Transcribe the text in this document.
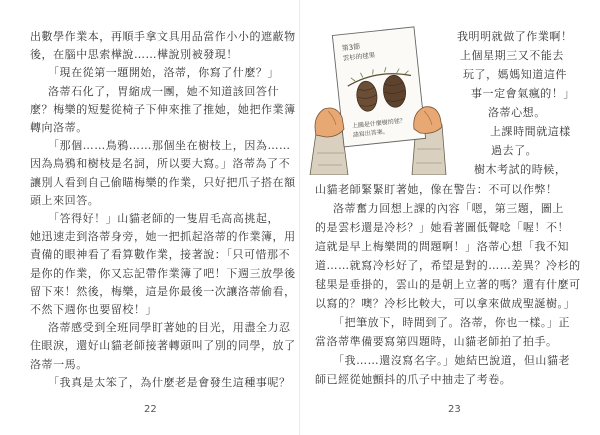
出數學作業本，再順手拿文具用品當作小小的遮蔽物
後，在腦中思索樺說……樺說別被發現！
「現在從第一題開始，洛蒂，你寫了什麼？」
洛蒂石化了，胃縮成一團，她不知道該回答什
麼？梅樂的短髮從椅子下伸來推了推她，她把作業簿
轉向洛蒂。
「那個……鳥鴉……那個坐在樹枝上，因為……
因為鳥鴉和樹枝是名詞，所以要大寫。」洛蒂為了不
讓別人看到自己偷瞄梅樂的作業，只好把爪子搭在額
頭上來回答。
「答得好！」山貓老師的一隻眉毛高高挑起，
她迅速走到洛蒂身旁，她一把抓起洛蒂的作業簿，用
責備的眼神看了看算數作業，接著說：「只可惜那不
是你的作業，你又忘記帶作業簿了吧！下週三放學後
留下來！然後，梅樂，這是你最後一次讓洛蒂偷看，
不然下週你也要留校！」
洛蒂感受到全班同學盯著她的目光，用盡全力忍
住眼淚，還好山貓老師接著轉頭叫了別的同學，放了
洛蒂一馬。
「我真是太笨了，為什麼老是會發生這種事呢？
22
我明明就做了作業啊！
上個星期三又不能去
玩了，媽媽知道這件
事一定會氣瘋的！」
洛蒂心想。
上課時間就這樣
過去了。
樹木考試的時候，
山貓老師緊緊盯著她，像在警告：不可以作弊！
洛蒂奮力回想上課的內容「嗯，第三題，圖上
的是雲杉還是冷杉？」她看著圖低聲唸「喔！不！
這就是早上梅樂問的問題啊！」洛蒂心想「我不知
道……就寫冷杉好了，希望是對的……差異？冷杉的
毬果是垂掛的，雲山的是朝上立著的嗎？還有什麼可
以寫的？噢？冷杉比較大，可以拿來做成聖誕樹。」
「把筆放下，時間到了。洛蒂，你也一樣。」正
當洛蒂準備要寫第四題時，山貓老師拍了拍手。
「我……還沒寫名字。」她結巴說道，但山貓老
師已經從她顫抖的爪子中抽走了考卷。
23
第3節
雲杉的毬果
上圖是什麼樹的毬？
請寫出答案。
